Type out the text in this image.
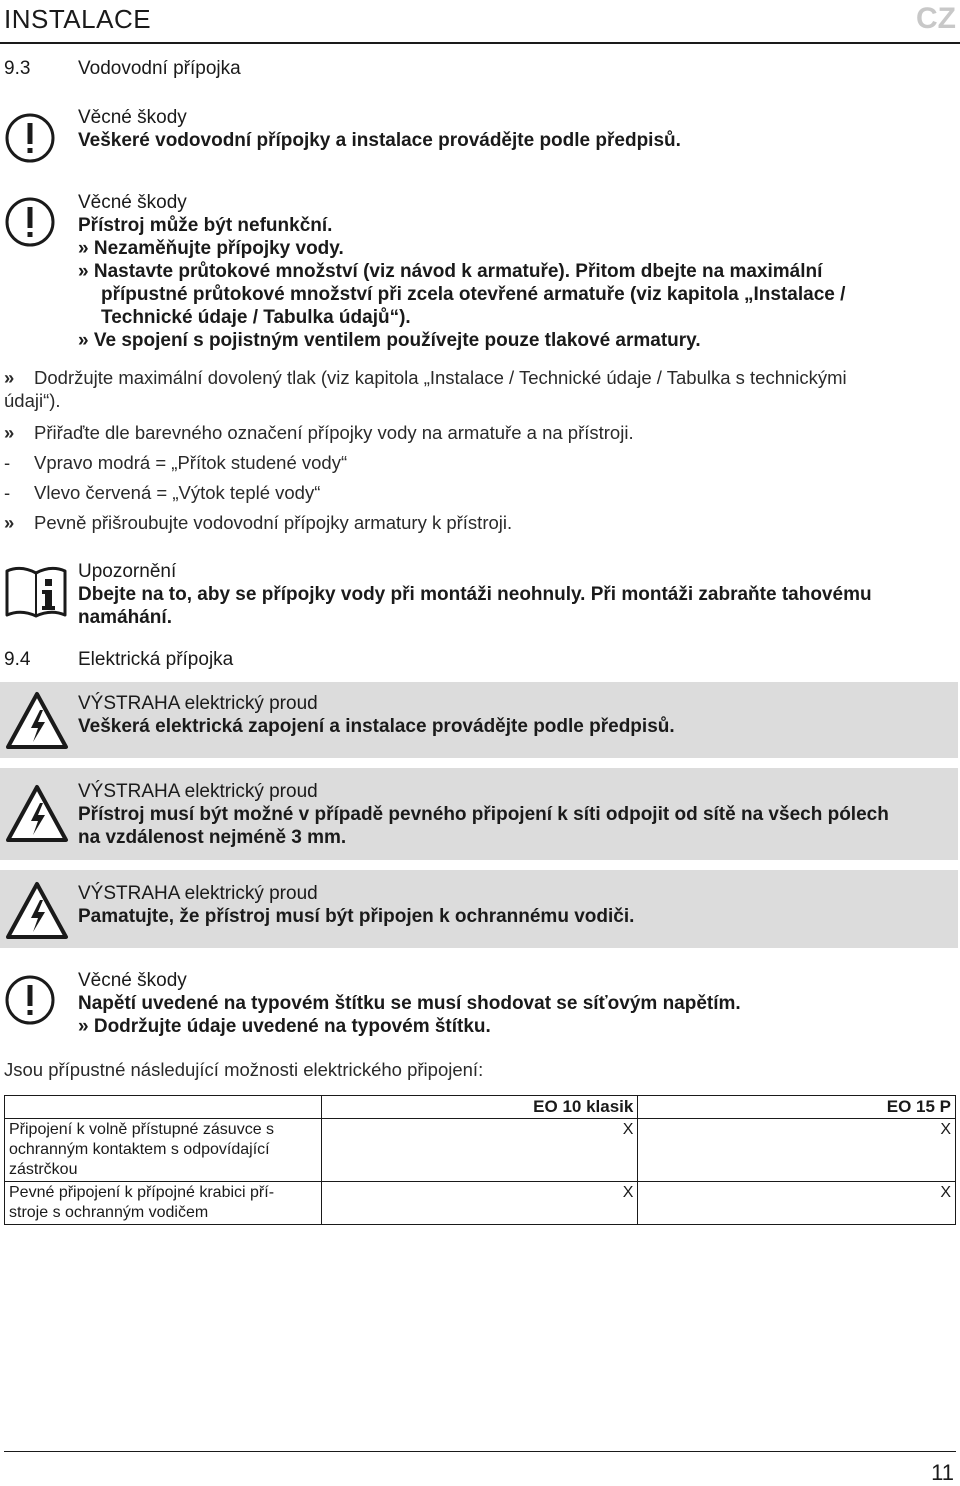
INSTALACE	CZ
9.3	Vodovodní přípojka
Věcné škody
Veškeré vodovodní přípojky a instalace provádějte podle předpisů.
Věcné škody
Přístroj může být nefunkční.
» Nezaměňujte přípojky vody.
» Nastavte průtokové množství (viz návod k armatuře). Přitom dbejte na maximální
přípustné průtokové množství při zcela otevřené armatuře (viz kapitola „Instalace /
Technické údaje / Tabulka údajů“).
» Ve spojení s pojistným ventilem používejte pouze tlakové armatury.
» Dodržujte maximální dovolený tlak (viz kapitola „Instalace / Technické údaje / Tabulka s technickými
údaji“).
» Přiřaďte dle barevného označení přípojky vody na armatuře a na přístroji.
- Vpravo modrá = „Přítok studené vody“
- Vlevo červená = „Výtok teplé vody“
» Pevně přišroubujte vodovodní přípojky armatury k přístroji.
Upozornění
Dbejte na to, aby se přípojky vody při montáži neohnuly. Při montáži zabraňte tahovému
namáhání.
9.4	Elektrická přípojka
VÝSTRAHA elektrický proud
Veškerá elektrická zapojení a instalace provádějte podle předpisů.
VÝSTRAHA elektrický proud
Přístroj musí být možné v případě pevného připojení k síti odpojit od sítě na všech pólech
na vzdálenost nejméně 3 mm.
VÝSTRAHA elektrický proud
Pamatujte, že přístroj musí být připojen k ochrannému vodiči.
Věcné škody
Napětí uvedené na typovém štítku se musí shodovat se síťovým napětím.
» Dodržujte údaje uvedené na typovém štítku.
Jsou přípustné následující možnosti elektrického připojení:
	EO 10 klasik	EO 15 P

Připojení k volně přístupné zásuvce s
ochranným kontaktem s odpovídající
zástrčkou	X	X

Pevné připojení k přípojné krabici pří-
stroje s ochranným vodičem	X	X
11
